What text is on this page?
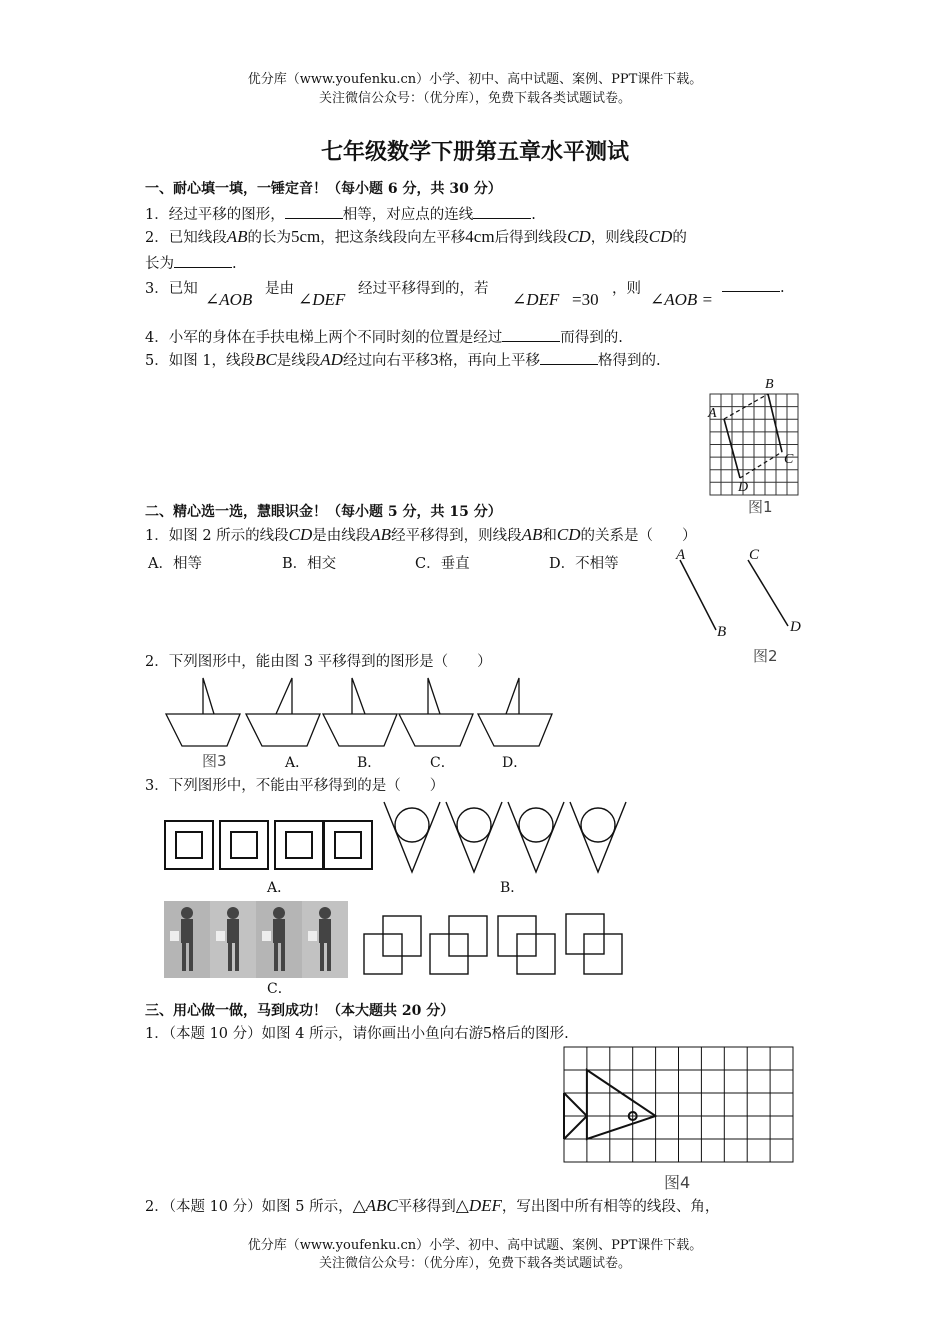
优分库（www.youfenku.cn）小学、初中、高中试题、案例、PPT课件下载。
关注微信公众号：（优分库），免费下载各类试题试卷。
七年级数学下册第五章水平测试
一、耐心填一填，一锤定音！（每小题 6 分，共 30 分）
1．经过平移的图形，	相等，对应点的连线	.
2．已知线段AB的长为5cm，把这条线段向左平移4cm后得到线段CD，则线段CD的
长为	.
3．已知
∠AOB
是由
∠DEF
经过平移得到的，若
∠DEF =30
，则
∠AOB =
.
4．小军的身体在手扶电梯上两个不同时刻的位置是经过	而得到的.
5．如图 1，线段BC是线段AD经过向右平移3格，再向上平移	格得到的.
A
B
C
D
图1
二、精心选一选，慧眼识金！（每小题 5 分，共 15 分）
1．如图 2 所示的线段CD是由线段AB经平移得到，则线段AB和CD的关系是（　　）
A．相等	B．相交	C．垂直	D．不相等
A
B
C
D
图2
2．下列图形中，能由图 3 平移得到的图形是（　　）
图3	A．	B．	C．	D．
3．下列图形中，不能由平移得到的是（　　）
A．	B．
C．
三、用心做一做，马到成功！（本大题共 20 分）
1．（本题 10 分）如图 4 所示，请你画出小鱼向右游5格后的图形.
图4
2．（本题 10 分）如图 5 所示，△ABC平移得到△DEF，写出图中所有相等的线段、角，
优分库（www.youfenku.cn）小学、初中、高中试题、案例、PPT课件下载。
关注微信公众号：（优分库），免费下载各类试题试卷。
